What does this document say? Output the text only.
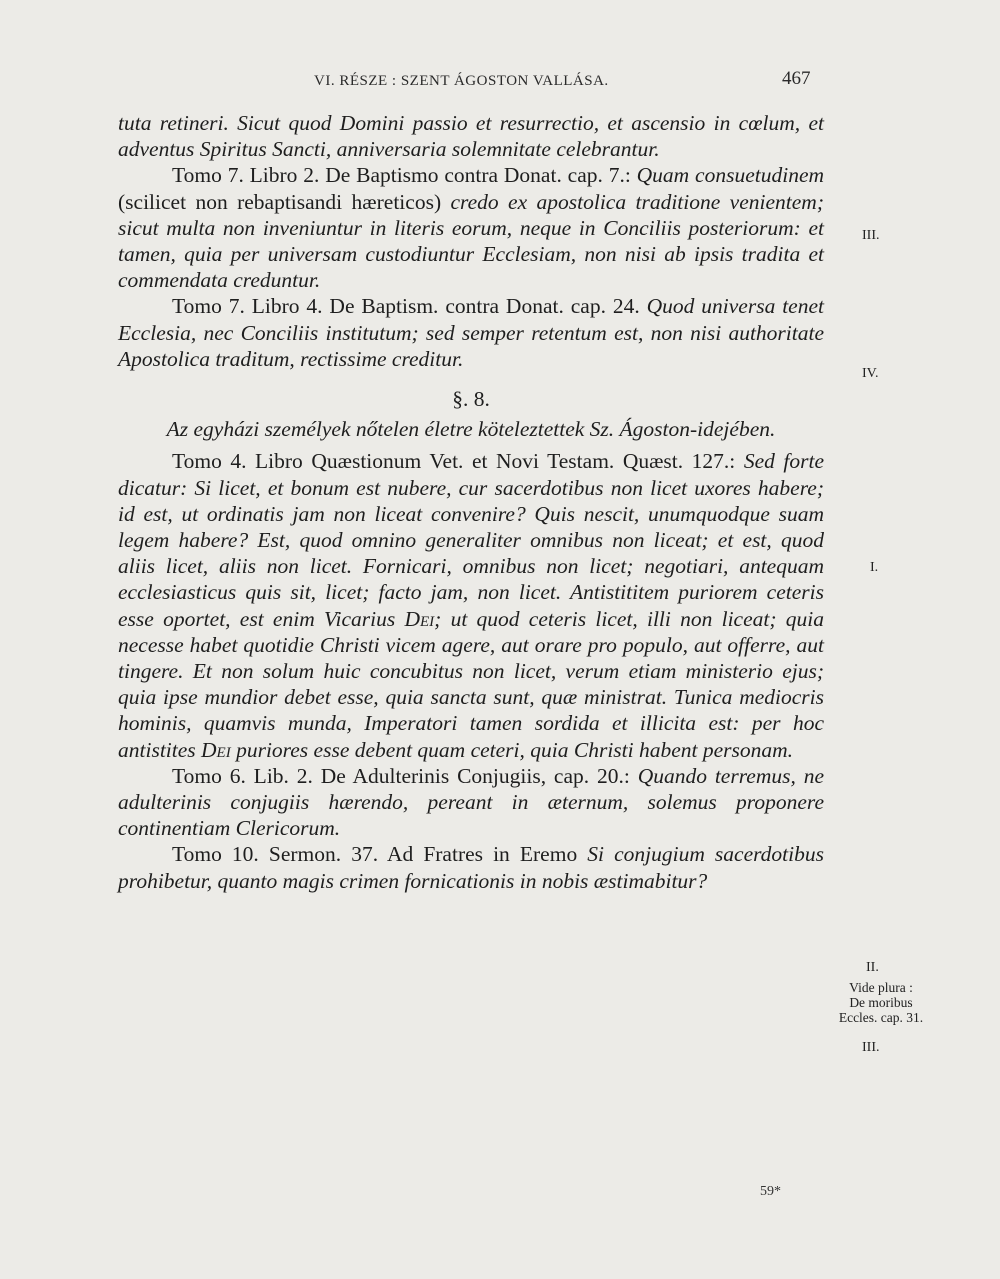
VI. RÉSZE : SZENT ÁGOSTON VALLÁSA.	467

tuta retineri. Sicut quod Domini passio et resurrectio, et ascensio in cœlum, et adventus Spiritus Sancti, anniversaria solemnitate celebrantur.

Tomo 7. Libro 2. De Baptismo contra Donat. cap. 7.: Quam consuetudinem (scilicet non rebaptisandi hæreticos) credo ex apostolica traditione venientem; sicut multa non inveniuntur in literis eorum, neque in Conciliis posteriorum: et tamen, quia per universam custodiuntur Ecclesiam, non nisi ab ipsis tradita et commendata creduntur.

Tomo 7. Libro 4. De Baptism. contra Donat. cap. 24. Quod universa tenet Ecclesia, nec Conciliis institutum; sed semper retentum est, non nisi authoritate Apostolica traditum, rectissime creditur.

§. 8.

Az egyházi személyek nőtelen életre köteleztettek Sz. Ágoston-idejében.

Tomo 4. Libro Quæstionum Vet. et Novi Testam. Quæst. 127.: Sed forte dicatur: Si licet, et bonum est nubere, cur sacerdotibus non licet uxores habere; id est, ut ordinatis jam non liceat convenire? Quis nescit, unumquodque suam legem habere? Est, quod omnino generaliter omnibus non liceat; et est, quod aliis licet, aliis non licet. Fornicari, omnibus non licet; negotiari, antequam ecclesiasticus quis sit, licet; facto jam, non licet. Antistititem puriorem ceteris esse oportet, est enim Vicarius Dei; ut quod ceteris licet, illi non liceat; quia necesse habet quotidie Christi vicem agere, aut orare pro populo, aut offerre, aut tingere. Et non solum huic concubitus non licet, verum etiam ministerio ejus; quia ipse mundior debet esse, quia sancta sunt, quæ ministrat. Tunica mediocris hominis, quamvis munda, Imperatori tamen sordida et illicita est: per hoc antistites Dei puriores esse debent quam ceteri, quia Christi habent personam.

Tomo 6. Lib. 2. De Adulterinis Conjugiis, cap. 20.: Quando terremus, ne adulterinis conjugiis hærendo, pereant in æternum, solemus proponere continentiam Clericorum.

Tomo 10. Sermon. 37. Ad Fratres in Eremo Si conjugium sacerdotibus prohibetur, quanto magis crimen fornicationis in nobis æstimabitur?

III.
IV.
I.
II.
III.
Vide plura :
De moribus
Eccles. cap. 31.
59*
